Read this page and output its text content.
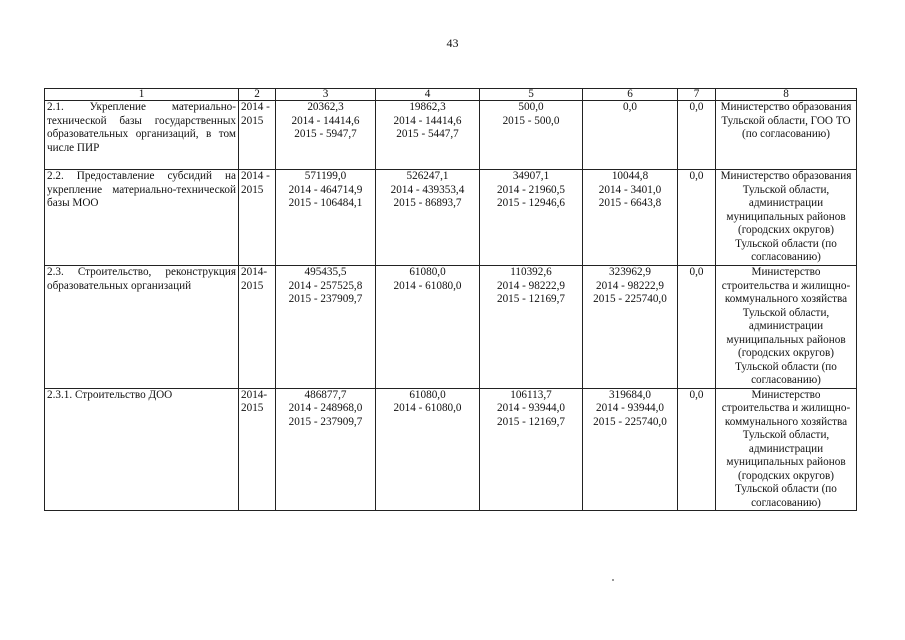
43
1	2	3	4	5	6	7	8
2.1. Укрепление материально-технической базы государственных образовательных организаций, в том числе ПИР	2014 -
2015	20362,3
2014 - 14414,6
2015 - 5947,7	19862,3
2014 - 14414,6
2015 - 5447,7	500,0
2015 - 500,0	0,0	0,0	Министерство образования Тульской области, ГОО ТО (по согласованию)
2.2. Предоставление субсидий на укрепление материально-технической базы МОО	2014 -
2015	571199,0
2014 - 464714,9
2015 - 106484,1	526247,1
2014 - 439353,4
2015 - 86893,7	34907,1
2014 - 21960,5
2015 - 12946,6	10044,8
2014 - 3401,0
2015 - 6643,8	0,0	Министерство образования Тульской области, администрации муниципальных районов (городских округов) Тульской области (по согласованию)
2.3. Строительство, реконструкция образовательных организаций	2014-
2015	495435,5
2014 - 257525,8
2015 - 237909,7	61080,0
2014 - 61080,0	110392,6
2014 - 98222,9
2015 - 12169,7	323962,9
2014 - 98222,9
2015 - 225740,0	0,0	Министерство строительства и жилищно-коммунального хозяйства Тульской области, администрации муниципальных районов (городских округов) Тульской области (по согласованию)
2.3.1. Строительство ДОО	2014-
2015	486877,7
2014 - 248968,0
2015 - 237909,7	61080,0
2014 - 61080,0	106113,7
2014 - 93944,0
2015 - 12169,7	319684,0
2014 - 93944,0
2015 - 225740,0	0,0	Министерство строительства и жилищно-коммунального хозяйства Тульской области, администрации муниципальных районов (городских округов) Тульской области (по согласованию)
